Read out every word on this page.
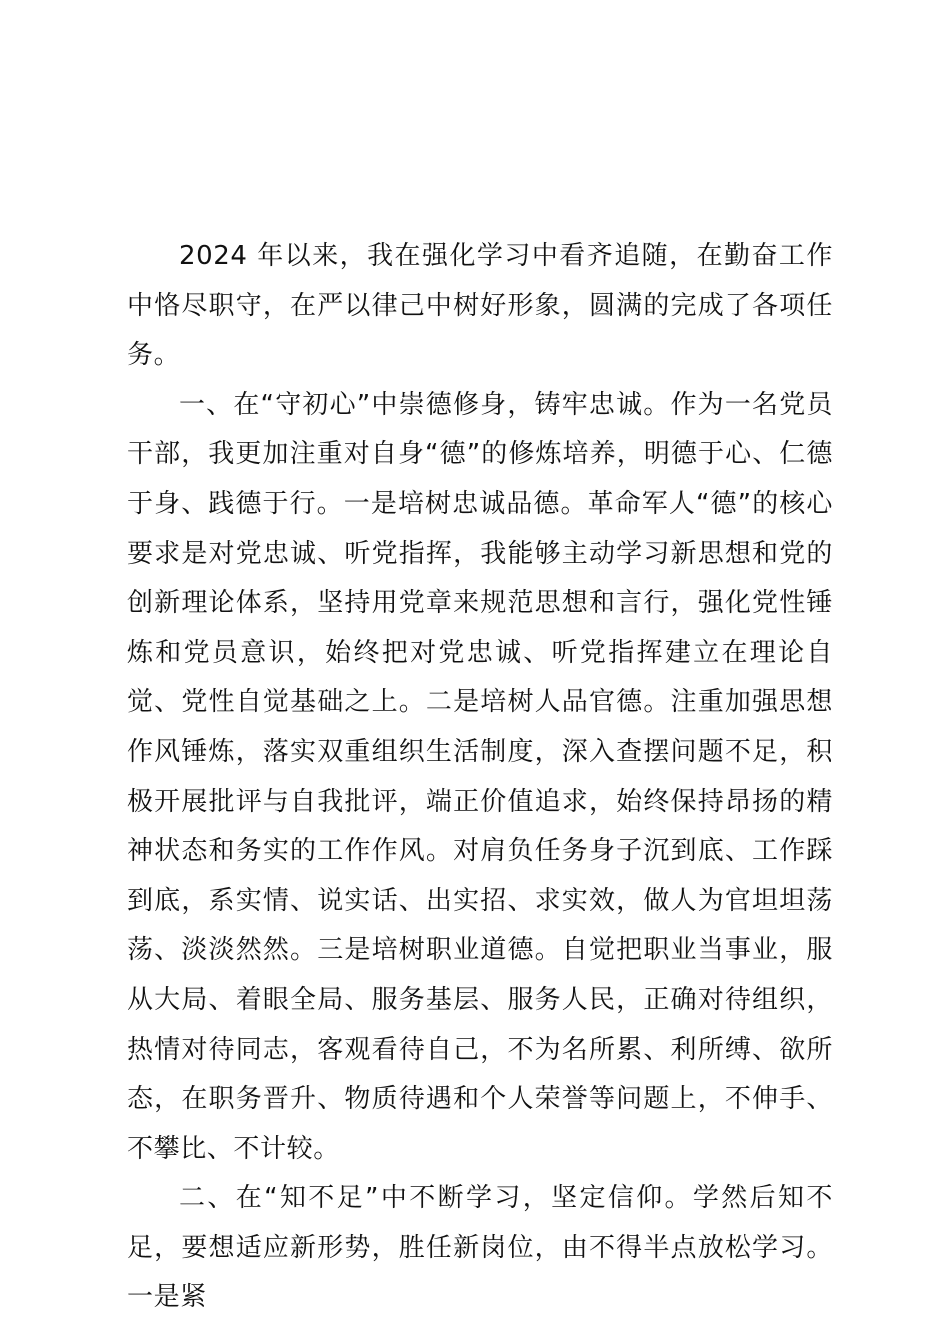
2024 年以来，我在强化学习中看齐追随，在勤奋工作中恪尽职守，在严以律己中树好形象，圆满的完成了各项任务。

一、在“守初心”中崇德修身，铸牢忠诚。作为一名党员干部，我更加注重对自身“德”的修炼培养，明德于心、仁德于身、践德于行。一是培树忠诚品德。革命军人“德”的核心要求是对党忠诚、听党指挥，我能够主动学习新思想和党的创新理论体系，坚持用党章来规范思想和言行，强化党性锤炼和党员意识，始终把对党忠诚、听党指挥建立在理论自觉、党性自觉基础之上。二是培树人品官德。注重加强思想作风锤炼，落实双重组织生活制度，深入查摆问题不足，积极开展批评与自我批评，端正价值追求，始终保持昂扬的精神状态和务实的工作作风。对肩负任务身子沉到底、工作踩到底，系实情、说实话、出实招、求实效，做人为官坦坦荡荡、淡淡然然。三是培树职业道德。自觉把职业当事业，服从大局、着眼全局、服务基层、服务人民，正确对待组织，热情对待同志，客观看待自己，不为名所累、利所缚、欲所态，在职务晋升、物质待遇和个人荣誉等问题上，不伸手、不攀比、不计较。

二、在“知不足”中不断学习，坚定信仰。学然后知不足，要想适应新形势，胜任新岗位，由不得半点放松学习。一是紧
